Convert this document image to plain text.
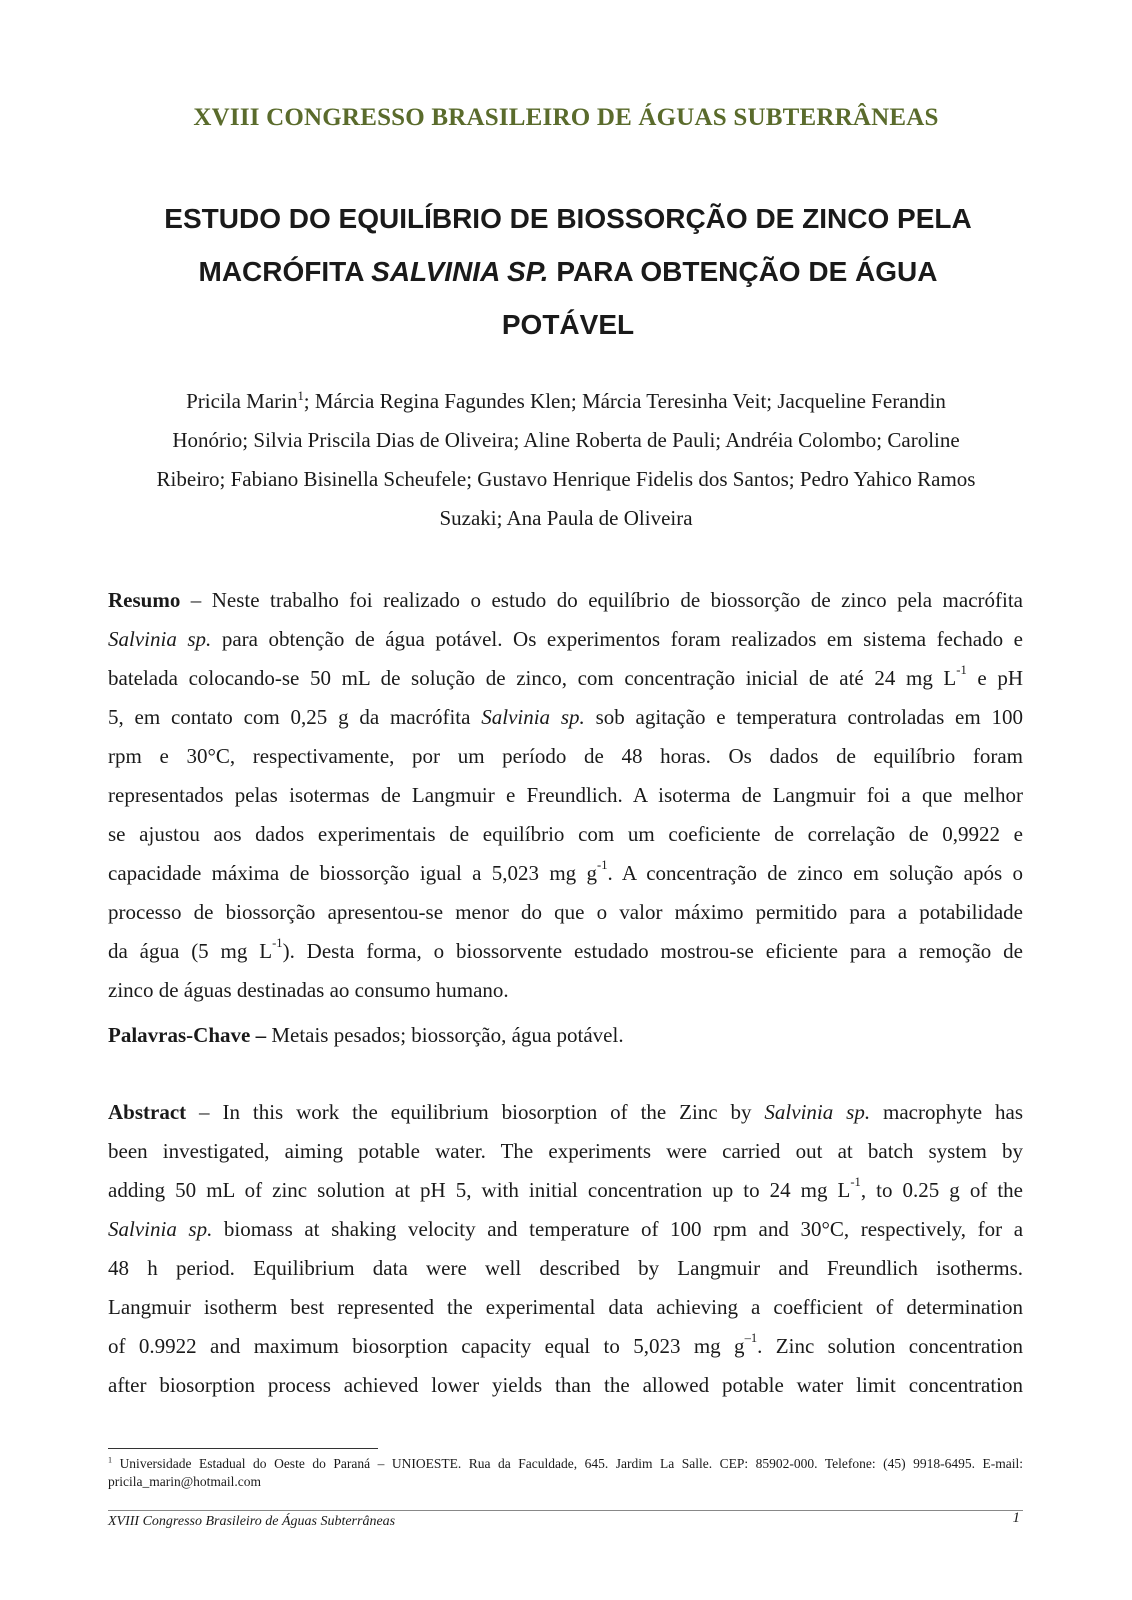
XVIII CONGRESSO BRASILEIRO DE ÁGUAS SUBTERRÂNEAS
ESTUDO DO EQUILÍBRIO DE BIOSSORÇÃO DE ZINCO PELA
MACRÓFITA SALVINIA SP. PARA OBTENÇÃO DE ÁGUA
POTÁVEL
Pricila Marin$^1$; Márcia Regina Fagundes Klen; Márcia Teresinha Veit; Jacqueline Ferandin
Honório; Silvia Priscila Dias de Oliveira; Aline Roberta de Pauli; Andréia Colombo; Caroline
Ribeiro; Fabiano Bisinella Scheufele; Gustavo Henrique Fidelis dos Santos; Pedro Yahico Ramos
Suzaki; Ana Paula de Oliveira
Resumo – Neste trabalho foi realizado o estudo do equilíbrio de biossorção de zinco pela macrófita
Salvinia sp. para obtenção de água potável. Os experimentos foram realizados em sistema fechado e
batelada colocando-se 50 mL de solução de zinco, com concentração inicial de até 24 mg $L^{-1}$ e pH
5, em contato com 0,25 g da macrófita Salvinia sp. sob agitação e temperatura controladas em 100
rpm e 30°C, respectivamente, por um período de 48 horas. Os dados de equilíbrio foram
representados pelas isotermas de Langmuir e Freundlich. A isoterma de Langmuir foi a que melhor
se ajustou aos dados experimentais de equilíbrio com um coeficiente de correlação de 0,9922 e
capacidade máxima de biossorção igual a 5,023 mg $g^{-1}$. A concentração de zinco em solução após o
processo de biossorção apresentou-se menor do que o valor máximo permitido para a potabilidade
da água (5 mg $L^{-1}$). Desta forma, o biossorvente estudado mostrou-se eficiente para a remoção de
zinco de águas destinadas ao consumo humano.
Palavras-Chave – Metais pesados; biossorção, água potável.
Abstract – In this work the equilibrium biosorption of the Zinc by Salvinia sp. macrophyte has
been investigated, aiming potable water. The experiments were carried out at batch system by
adding 50 mL of zinc solution at pH 5, with initial concentration up to 24 mg $L^{-1}$, to 0.25 g of the
Salvinia sp. biomass at shaking velocity and temperature of 100 rpm and 30°C, respectively, for a
48 h period. Equilibrium data were well described by Langmuir and Freundlich isotherms.
Langmuir isotherm best represented the experimental data achieving a coefficient of determination
of 0.9922 and maximum biosorption capacity equal to 5,023 mg $g^{-1}$. Zinc solution concentration
after biosorption process achieved lower yields than the allowed potable water limit concentration
$^1$ Universidade Estadual do Oeste do Paraná – UNIOESTE. Rua da Faculdade, 645. Jardim La Salle. CEP: 85902-000. Telefone: (45) 9918-6495. E-mail: pricila_marin@hotmail.com
XVIII Congresso Brasileiro de Águas Subterrâneas	1
